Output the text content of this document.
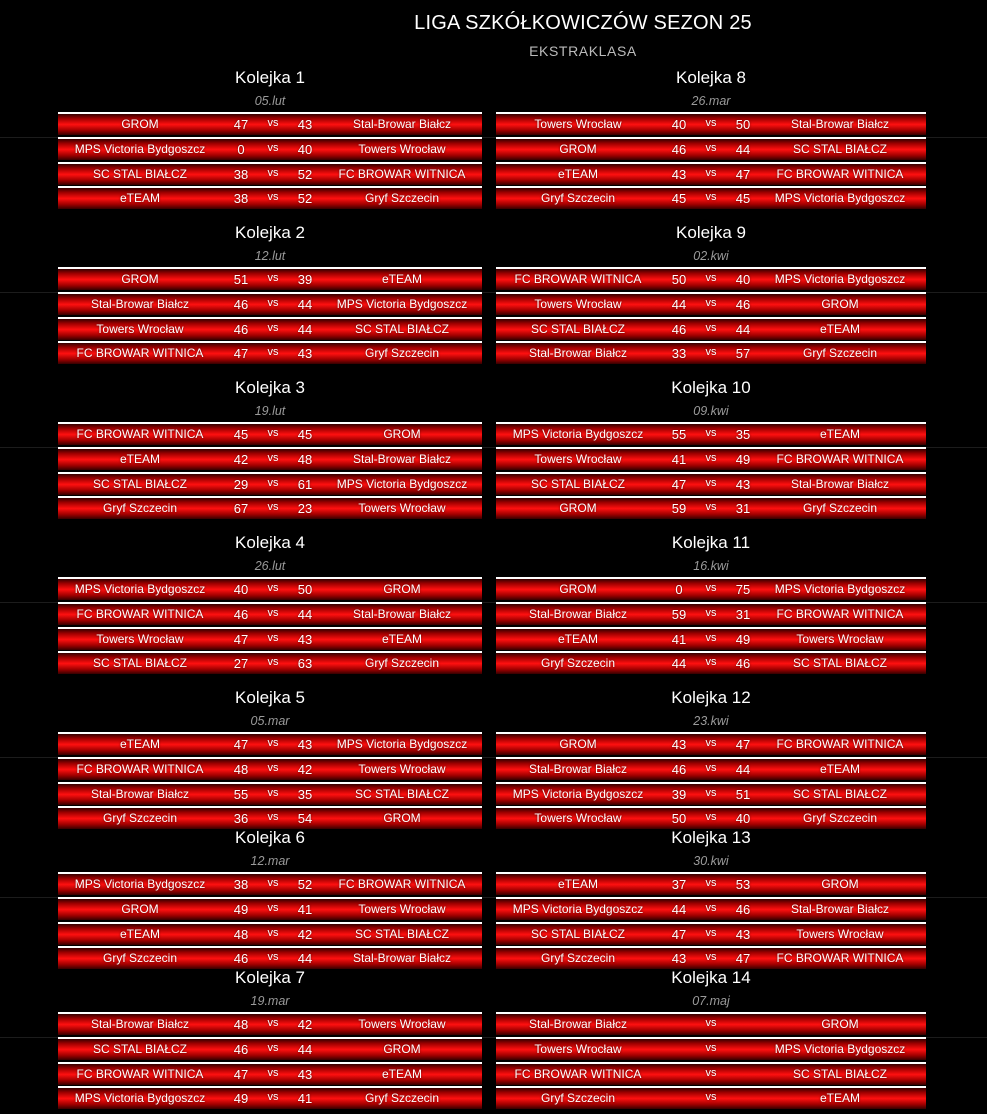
LIGA SZKÓŁKOWICZÓW SEZON 25
EKSTRAKLASA
Kolejka 1
05.lut
GROM	47	vs	43	Stal-Browar Białcz
MPS Victoria Bydgoszcz	0	vs	40	Towers Wrocław
SC STAL BIAŁCZ	38	vs	52	FC BROWAR WITNICA
eTEAM	38	vs	52	Gryf Szczecin
Kolejka 2
12.lut
GROM	51	vs	39	eTEAM
Stal-Browar Białcz	46	vs	44	MPS Victoria Bydgoszcz
Towers Wrocław	46	vs	44	SC STAL BIAŁCZ
FC BROWAR WITNICA	47	vs	43	Gryf Szczecin
Kolejka 3
19.lut
FC BROWAR WITNICA	45	vs	45	GROM
eTEAM	42	vs	48	Stal-Browar Białcz
SC STAL BIAŁCZ	29	vs	61	MPS Victoria Bydgoszcz
Gryf Szczecin	67	vs	23	Towers Wrocław
Kolejka 4
26.lut
MPS Victoria Bydgoszcz	40	vs	50	GROM
FC BROWAR WITNICA	46	vs	44	Stal-Browar Białcz
Towers Wrocław	47	vs	43	eTEAM
SC STAL BIAŁCZ	27	vs	63	Gryf Szczecin
Kolejka 5
05.mar
eTEAM	47	vs	43	MPS Victoria Bydgoszcz
FC BROWAR WITNICA	48	vs	42	Towers Wrocław
Stal-Browar Białcz	55	vs	35	SC STAL BIAŁCZ
Gryf Szczecin	36	vs	54	GROM
Kolejka 6
12.mar
MPS Victoria Bydgoszcz	38	vs	52	FC BROWAR WITNICA
GROM	49	vs	41	Towers Wrocław
eTEAM	48	vs	42	SC STAL BIAŁCZ
Gryf Szczecin	46	vs	44	Stal-Browar Białcz
Kolejka 7
19.mar
Stal-Browar Białcz	48	vs	42	Towers Wrocław
SC STAL BIAŁCZ	46	vs	44	GROM
FC BROWAR WITNICA	47	vs	43	eTEAM
MPS Victoria Bydgoszcz	49	vs	41	Gryf Szczecin
Kolejka 8
26.mar
Towers Wrocław	40	vs	50	Stal-Browar Białcz
GROM	46	vs	44	SC STAL BIAŁCZ
eTEAM	43	vs	47	FC BROWAR WITNICA
Gryf Szczecin	45	vs	45	MPS Victoria Bydgoszcz
Kolejka 9
02.kwi
FC BROWAR WITNICA	50	vs	40	MPS Victoria Bydgoszcz
Towers Wrocław	44	vs	46	GROM
SC STAL BIAŁCZ	46	vs	44	eTEAM
Stal-Browar Białcz	33	vs	57	Gryf Szczecin
Kolejka 10
09.kwi
MPS Victoria Bydgoszcz	55	vs	35	eTEAM
Towers Wrocław	41	vs	49	FC BROWAR WITNICA
SC STAL BIAŁCZ	47	vs	43	Stal-Browar Białcz
GROM	59	vs	31	Gryf Szczecin
Kolejka 11
16.kwi
GROM	0	vs	75	MPS Victoria Bydgoszcz
Stal-Browar Białcz	59	vs	31	FC BROWAR WITNICA
eTEAM	41	vs	49	Towers Wrocław
Gryf Szczecin	44	vs	46	SC STAL BIAŁCZ
Kolejka 12
23.kwi
GROM	43	vs	47	FC BROWAR WITNICA
Stal-Browar Białcz	46	vs	44	eTEAM
MPS Victoria Bydgoszcz	39	vs	51	SC STAL BIAŁCZ
Towers Wrocław	50	vs	40	Gryf Szczecin
Kolejka 13
30.kwi
eTEAM	37	vs	53	GROM
MPS Victoria Bydgoszcz	44	vs	46	Stal-Browar Białcz
SC STAL BIAŁCZ	47	vs	43	Towers Wrocław
Gryf Szczecin	43	vs	47	FC BROWAR WITNICA
Kolejka 14
07.maj
Stal-Browar Białcz	vs	GROM
Towers Wrocław	vs	MPS Victoria Bydgoszcz
FC BROWAR WITNICA	vs	SC STAL BIAŁCZ
Gryf Szczecin	vs	eTEAM
